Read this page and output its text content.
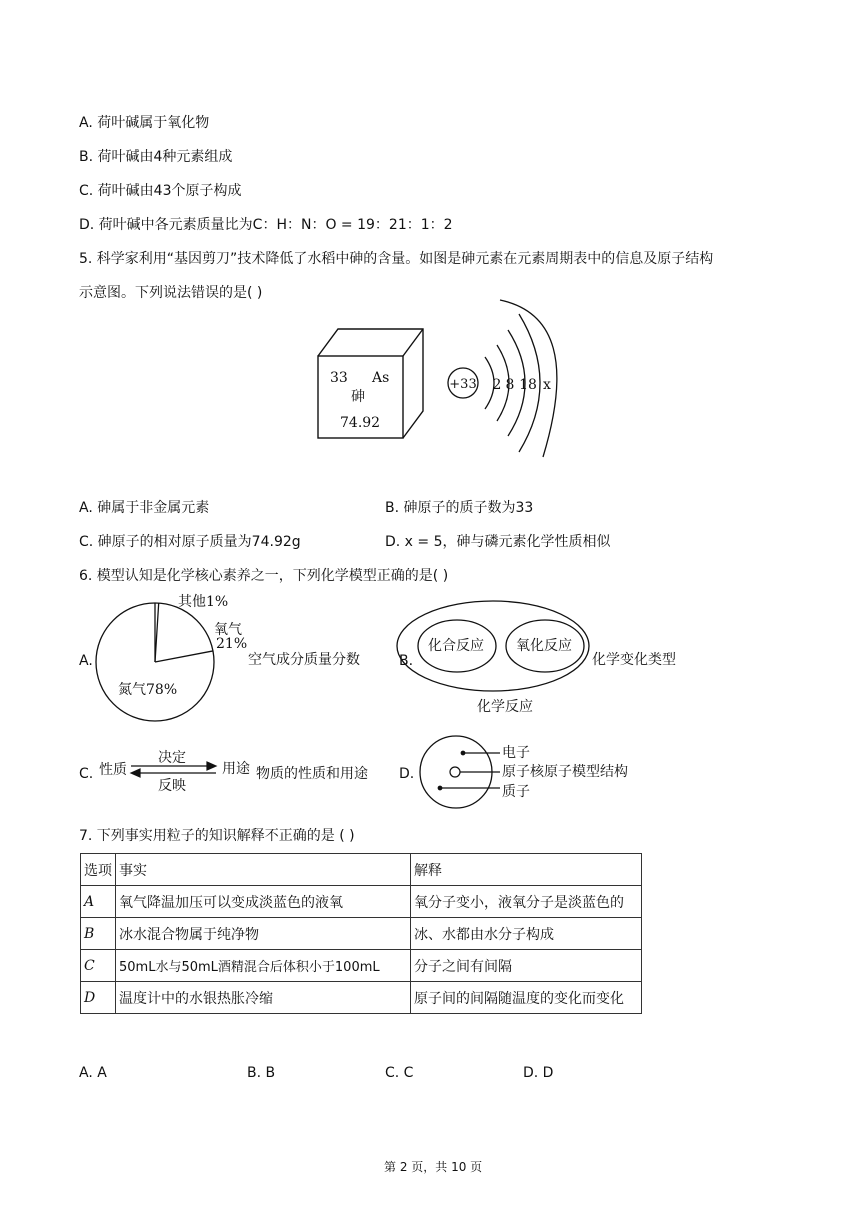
A. 荷叶碱属于氧化物
B. 荷叶碱由4种元素组成
C. 荷叶碱由43个原子构成
D. 荷叶碱中各元素质量比为C：H：N：O = 19：21：1：2
5. 科学家利用“基因剪刀”技术降低了水稻中砷的含量。如图是砷元素在元素周期表中的信息及原子结构
示意图。下列说法错误的是( )
33 As
砷
74.92
+33 2 8 18 x
其他1%
氧气
21%
氮气78%
A. 砷属于非金属元素	B. 砷原子的质子数为33
C. 砷原子的相对原子质量为74.92g	D. x = 5，砷与磷元素化学性质相似
6. 模型认知是化学核心素养之一，下列化学模型正确的是( )
A.	空气成分质量分数	B.
化合反应 氧化反应
化学变化类型
化学反应
C. 性质
决定
反映
用途 物质的性质和用途 D.
电子
原子核原子模型结构
质子
7. 下列事实用粒子的知识解释不正确的是 ( )
选项	事实	解释
A	氧气降温加压可以变成淡蓝色的液氧	氧分子变小，液氧分子是淡蓝色的
B	冰水混合物属于纯净物	冰、水都由水分子构成
C	50mL水与50mL酒精混合后体积小于100mL	分子之间有间隔
D	温度计中的水银热胀冷缩	原子间的间隔随温度的变化而变化
A. A	B. B	C. C	D. D
第 2 页，共 10 页
